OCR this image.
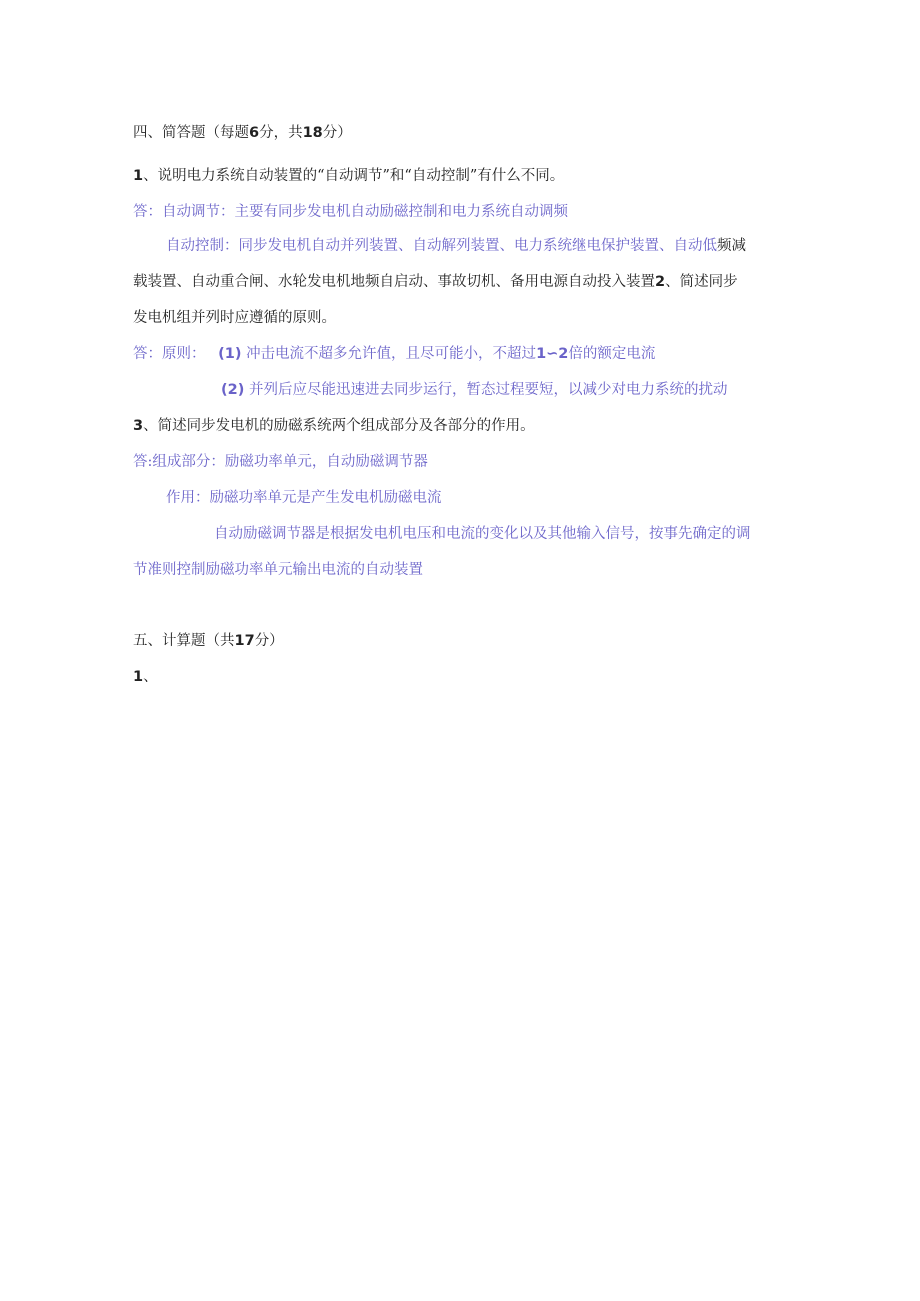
四、简答题（每题6分，共18分）
1、说明电力系统自动装置的“自动调节”和“自动控制”有什么不同。
答：自动调节：主要有同步发电机自动励磁控制和电力系统自动调频
自动控制：同步发电机自动并列装置、自动解列装置、电力系统继电保护装置、自动低频减
载装置、自动重合闸、水轮发电机地频自启动、事故切机、备用电源自动投入装置2、简述同步
发电机组并列时应遵循的原则。
答：原则： (1) 冲击电流不超多允许值，且尽可能小，不超过1∽2倍的额定电流
(2) 并列后应尽能迅速进去同步运行，暂态过程要短，以减少对电力系统的扰动
3、简述同步发电机的励磁系统两个组成部分及各部分的作用。
答:组成部分：励磁功率单元，自动励磁调节器
作用：励磁功率单元是产生发电机励磁电流
自动励磁调节器是根据发电机电压和电流的变化以及其他输入信号，按事先确定的调
节准则控制励磁功率单元输出电流的自动装置
五、计算题（共17分）
1、
